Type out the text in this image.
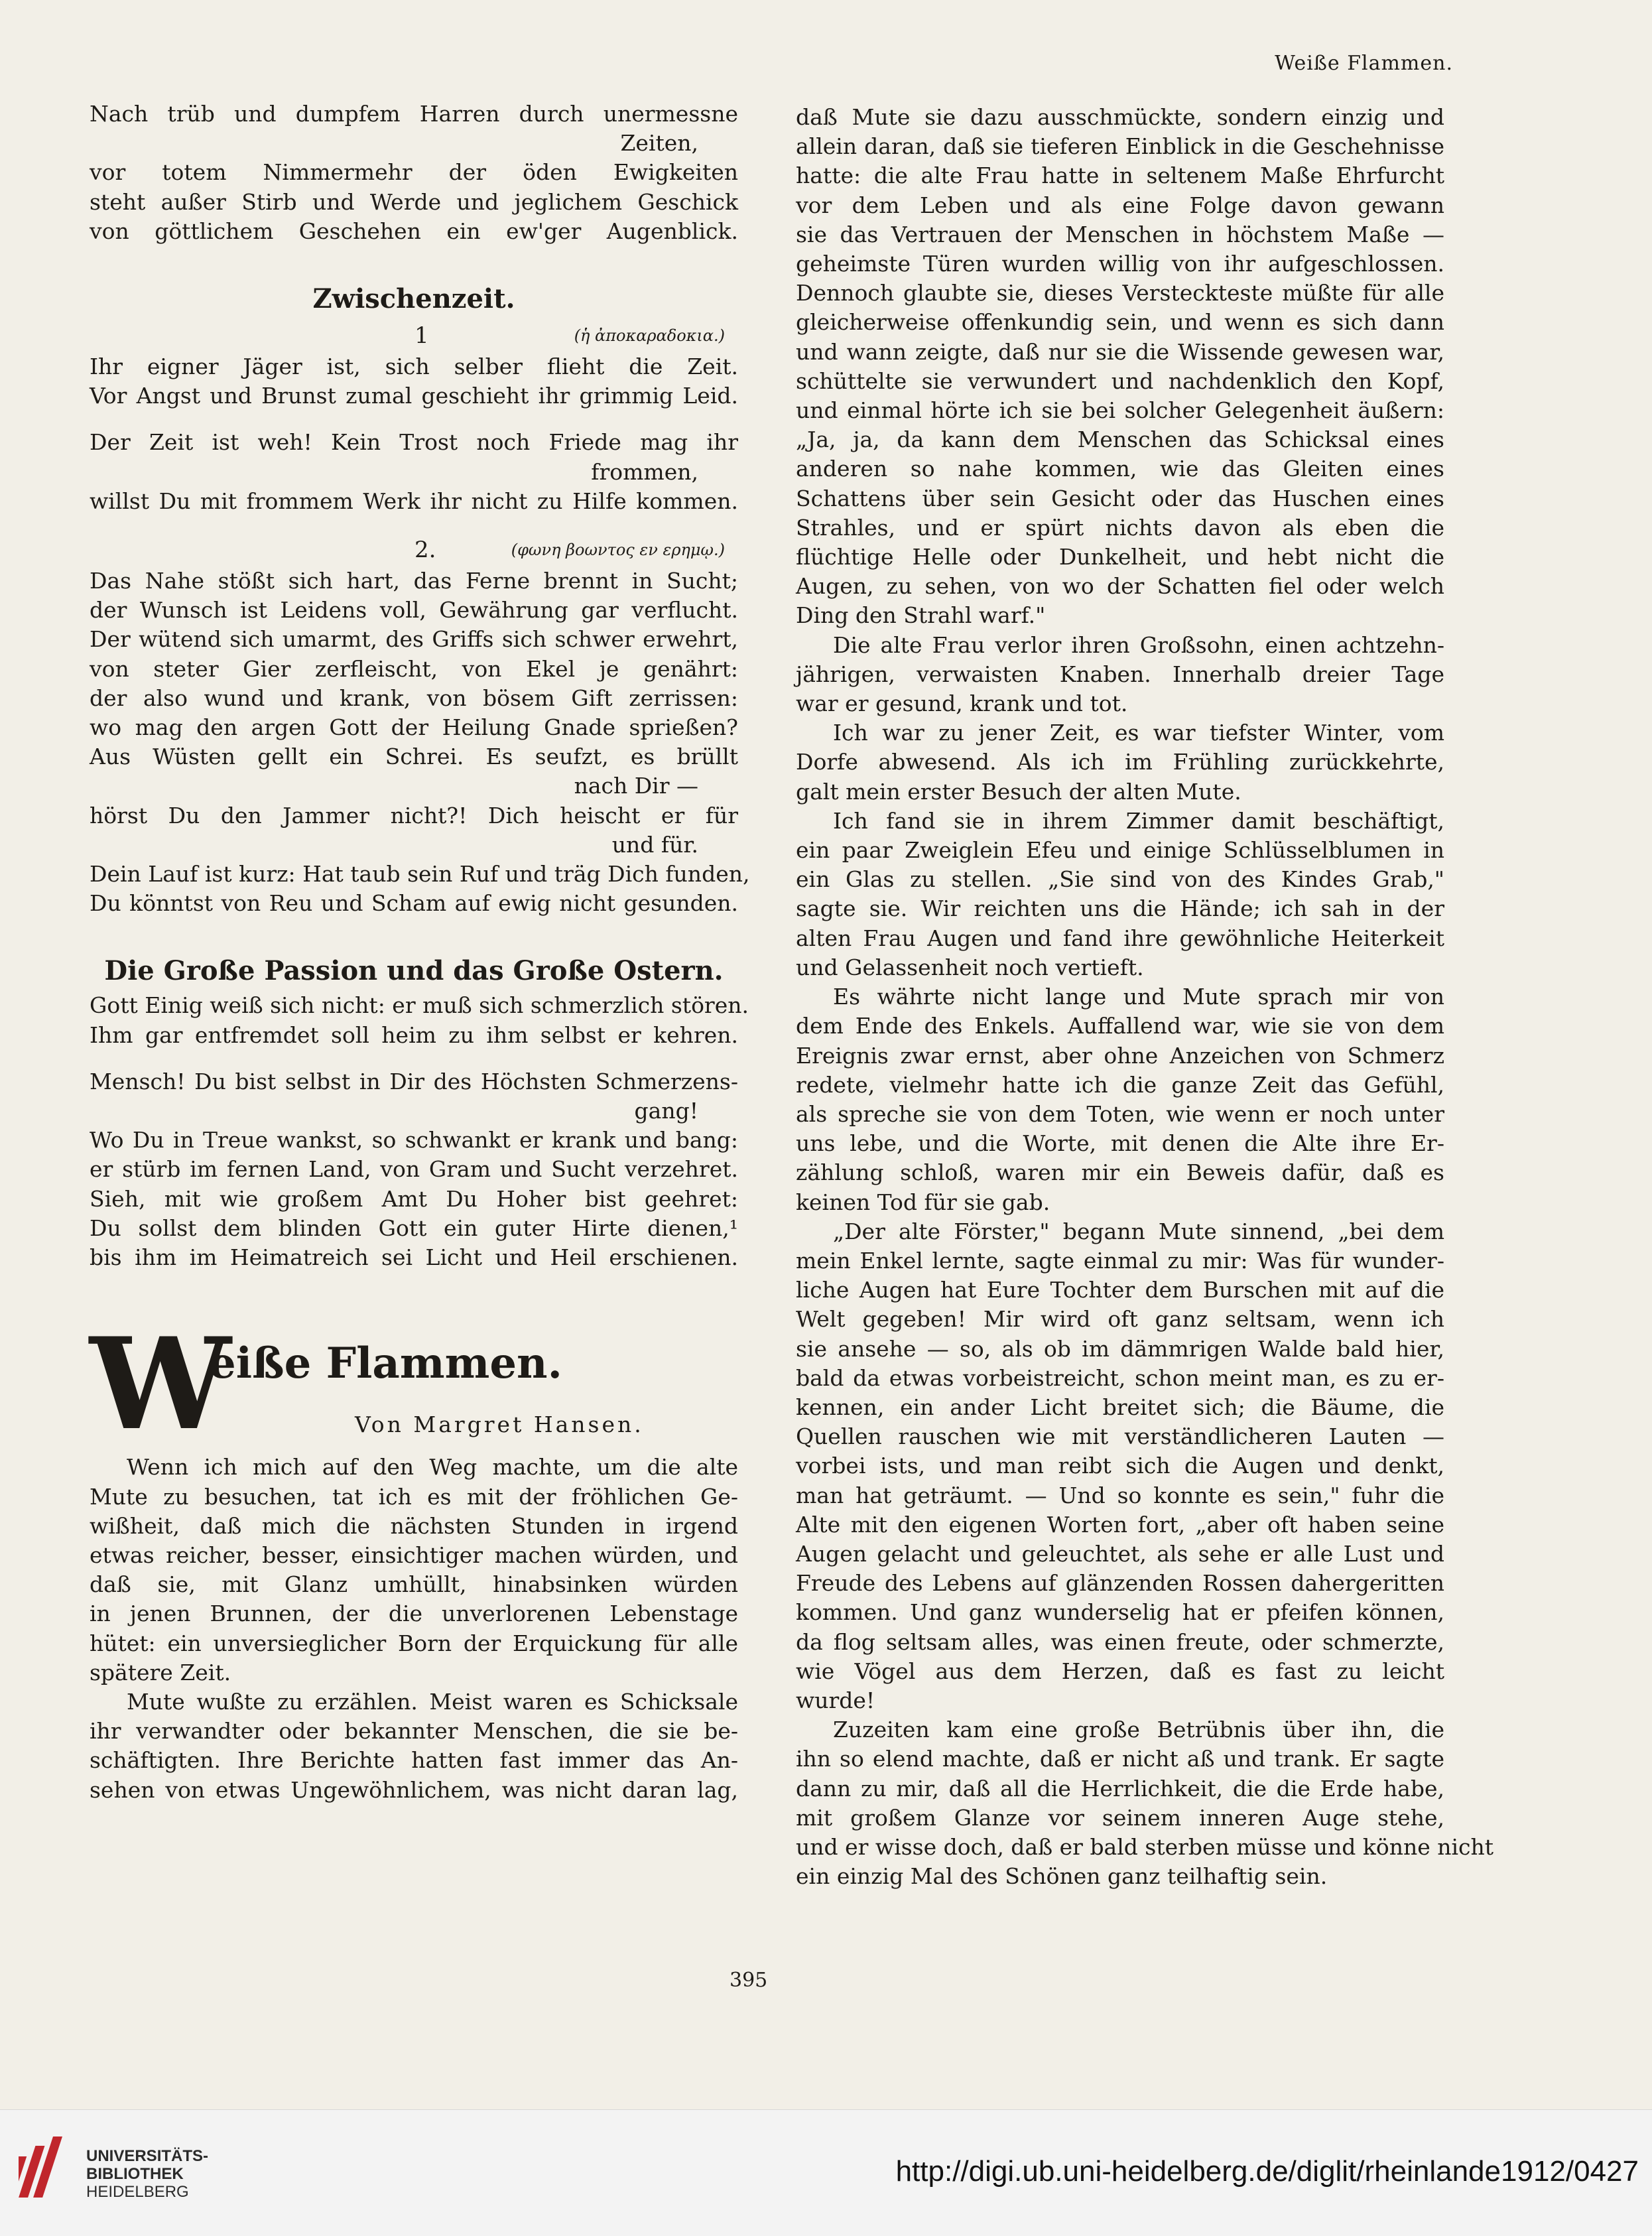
Weiße Flammen.
Nach trüb und dumpfem Harren durch unermessne
Zeiten,
vor totem Nimmermehr der öden Ewigkeiten
steht außer Stirb und Werde und jeglichem Geschick
von göttlichem Geschehen ein ew'ger Augenblick.
Zwischenzeit.
1	(ἡ ἀποκαραδοκια.)
Ihr eigner Jäger ist, sich selber flieht die Zeit.
Vor Angst und Brunst zumal geschieht ihr grimmig Leid.
Der Zeit ist weh! Kein Trost noch Friede mag ihr
frommen,
willst Du mit frommem Werk ihr nicht zu Hilfe kommen.
2.	(φωνη βοωντος εν ερημῳ.)
Das Nahe stößt sich hart, das Ferne brennt in Sucht;
der Wunsch ist Leidens voll, Gewährung gar verflucht.
Der wütend sich umarmt, des Griffs sich schwer erwehrt,
von steter Gier zerfleischt, von Ekel je genährt:
der also wund und krank, von bösem Gift zerrissen:
wo mag den argen Gott der Heilung Gnade sprießen?
Aus Wüsten gellt ein Schrei. Es seufzt, es brüllt
nach Dir —
hörst Du den Jammer nicht?! Dich heischt er für
und für.
Dein Lauf ist kurz: Hat taub sein Ruf und träg Dich funden,
Du könntst von Reu und Scham auf ewig nicht gesunden.
Die Große Passion und das Große Ostern.
Gott Einig weiß sich nicht: er muß sich schmerzlich stören.
Ihm gar entfremdet soll heim zu ihm selbst er kehren.
Mensch! Du bist selbst in Dir des Höchsten Schmerzens-
gang!
Wo Du in Treue wankst, so schwankt er krank und bang:
er stürb im fernen Land, von Gram und Sucht verzehret.
Sieh, mit wie großem Amt Du Hoher bist geehret:
Du sollst dem blinden Gott ein guter Hirte dienen,¹
bis ihm im Heimatreich sei Licht und Heil erschienen.
W
eiße Flammen.
Von Margret Hansen.
Wenn ich mich auf den Weg machte, um die alte
Mute zu besuchen, tat ich es mit der fröhlichen Ge-
wißheit, daß mich die nächsten Stunden in irgend
etwas reicher, besser, einsichtiger machen würden, und
daß sie, mit Glanz umhüllt, hinabsinken würden
in jenen Brunnen, der die unverlorenen Lebenstage
hütet: ein unversieglicher Born der Erquickung für alle
spätere Zeit.
Mute wußte zu erzählen. Meist waren es Schicksale
ihr verwandter oder bekannter Menschen, die sie be-
schäftigten. Ihre Berichte hatten fast immer das An-
sehen von etwas Ungewöhnlichem, was nicht daran lag,
daß Mute sie dazu ausschmückte, sondern einzig und
allein daran, daß sie tieferen Einblick in die Geschehnisse
hatte: die alte Frau hatte in seltenem Maße Ehrfurcht
vor dem Leben und als eine Folge davon gewann
sie das Vertrauen der Menschen in höchstem Maße —
geheimste Türen wurden willig von ihr aufgeschlossen.
Dennoch glaubte sie, dieses Versteckteste müßte für alle
gleicherweise offenkundig sein, und wenn es sich dann
und wann zeigte, daß nur sie die Wissende gewesen war,
schüttelte sie verwundert und nachdenklich den Kopf,
und einmal hörte ich sie bei solcher Gelegenheit äußern:
„Ja, ja, da kann dem Menschen das Schicksal eines
anderen so nahe kommen, wie das Gleiten eines
Schattens über sein Gesicht oder das Huschen eines
Strahles, und er spürt nichts davon als eben die
flüchtige Helle oder Dunkelheit, und hebt nicht die
Augen, zu sehen, von wo der Schatten fiel oder welch
Ding den Strahl warf."
Die alte Frau verlor ihren Großsohn, einen achtzehn-
jährigen, verwaisten Knaben. Innerhalb dreier Tage
war er gesund, krank und tot.
Ich war zu jener Zeit, es war tiefster Winter, vom
Dorfe abwesend. Als ich im Frühling zurückkehrte,
galt mein erster Besuch der alten Mute.
Ich fand sie in ihrem Zimmer damit beschäftigt,
ein paar Zweiglein Efeu und einige Schlüsselblumen in
ein Glas zu stellen. „Sie sind von des Kindes Grab,"
sagte sie. Wir reichten uns die Hände; ich sah in der
alten Frau Augen und fand ihre gewöhnliche Heiterkeit
und Gelassenheit noch vertieft.
Es währte nicht lange und Mute sprach mir von
dem Ende des Enkels. Auffallend war, wie sie von dem
Ereignis zwar ernst, aber ohne Anzeichen von Schmerz
redete, vielmehr hatte ich die ganze Zeit das Gefühl,
als spreche sie von dem Toten, wie wenn er noch unter
uns lebe, und die Worte, mit denen die Alte ihre Er-
zählung schloß, waren mir ein Beweis dafür, daß es
keinen Tod für sie gab.
„Der alte Förster," begann Mute sinnend, „bei dem
mein Enkel lernte, sagte einmal zu mir: Was für wunder-
liche Augen hat Eure Tochter dem Burschen mit auf die
Welt gegeben! Mir wird oft ganz seltsam, wenn ich
sie ansehe — so, als ob im dämmrigen Walde bald hier,
bald da etwas vorbeistreicht, schon meint man, es zu er-
kennen, ein ander Licht breitet sich; die Bäume, die
Quellen rauschen wie mit verständlicheren Lauten —
vorbei ists, und man reibt sich die Augen und denkt,
man hat geträumt. — Und so konnte es sein," fuhr die
Alte mit den eigenen Worten fort, „aber oft haben seine
Augen gelacht und geleuchtet, als sehe er alle Lust und
Freude des Lebens auf glänzenden Rossen dahergeritten
kommen. Und ganz wunderselig hat er pfeifen können,
da flog seltsam alles, was einen freute, oder schmerzte,
wie Vögel aus dem Herzen, daß es fast zu leicht
wurde!
Zuzeiten kam eine große Betrübnis über ihn, die
ihn so elend machte, daß er nicht aß und trank. Er sagte
dann zu mir, daß all die Herrlichkeit, die die Erde habe,
mit großem Glanze vor seinem inneren Auge stehe,
und er wisse doch, daß er bald sterben müsse und könne nicht
ein einzig Mal des Schönen ganz teilhaftig sein.
395
UNIVERSITÄTS-
BIBLIOTHEK
HEIDELBERG
http://digi.ub.uni-heidelberg.de/diglit/rheinlande1912/0427
